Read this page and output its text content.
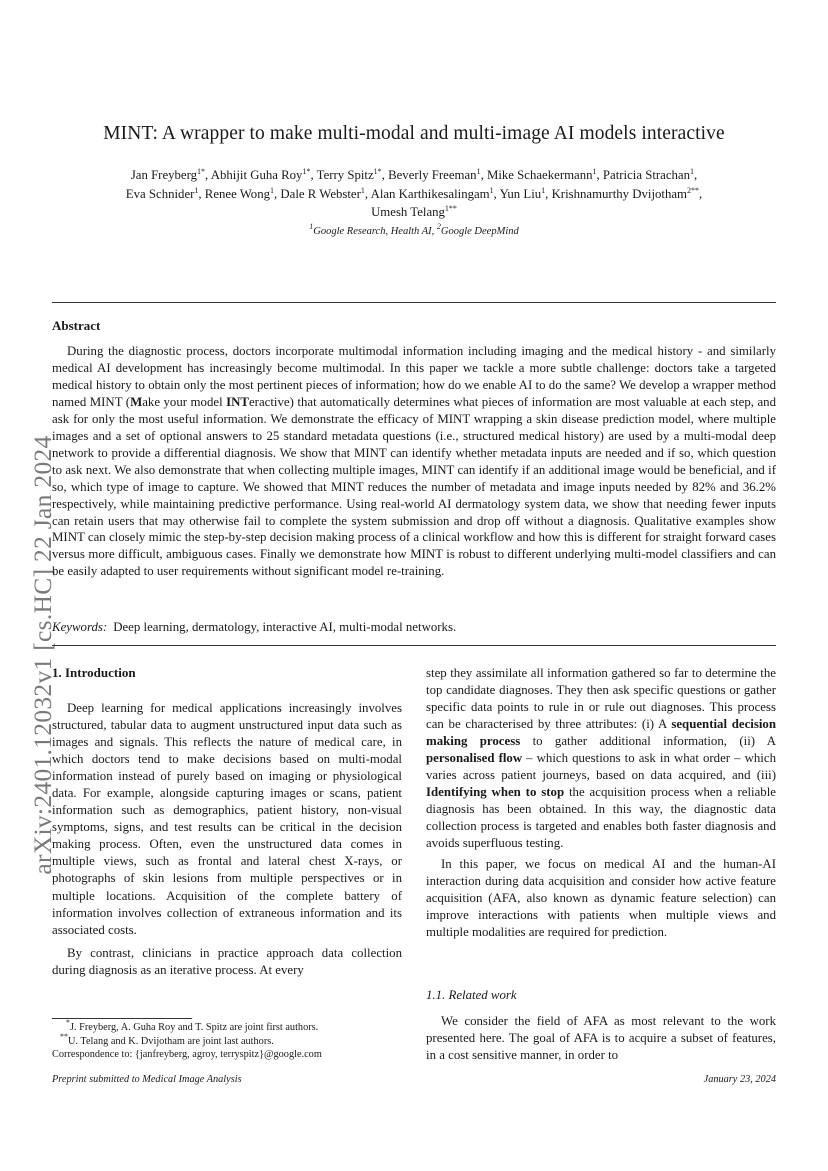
arXiv:2401.12032v1 [cs.HC] 22 Jan 2024
MINT: A wrapper to make multi-modal and multi-image AI models interactive
Jan Freyberg$^{1*}$, Abhijit Guha Roy$^{1*}$, Terry Spitz$^{1*}$, Beverly Freeman$^1$, Mike Schaekermann$^1$, Patricia Strachan$^1$,
Eva Schnider$^1$, Renee Wong$^1$, Dale R Webster$^1$, Alan Karthikesalingam$^1$, Yun Liu$^1$, Krishnamurthy Dvijotham$^{2**}$,
Umesh Telang$^{1**}$
$^1$Google Research, Health AI, $^2$Google DeepMind
Abstract

During the diagnostic process, doctors incorporate multimodal information including imaging and the medical history - and similarly medical AI development has increasingly become multimodal. In this paper we tackle a more subtle challenge: doctors take a targeted medical history to obtain only the most pertinent pieces of information; how do we enable AI to do the same? We develop a wrapper method named MINT (Make your model INTeractive) that automatically determines what pieces of information are most valuable at each step, and ask for only the most useful information. We demonstrate the efficacy of MINT wrapping a skin disease prediction model, where multiple images and a set of optional answers to 25 standard metadata questions (i.e., structured medical history) are used by a multi-modal deep network to provide a differential diagnosis. We show that MINT can identify whether metadata inputs are needed and if so, which question to ask next. We also demonstrate that when collecting multiple images, MINT can identify if an additional image would be beneficial, and if so, which type of image to capture. We showed that MINT reduces the number of metadata and image inputs needed by 82% and 36.2% respectively, while maintaining predictive performance. Using real-world AI dermatology system data, we show that needing fewer inputs can retain users that may otherwise fail to complete the system submission and drop off without a diagnosis. Qualitative examples show MINT can closely mimic the step-by-step decision making process of a clinical workflow and how this is different for straight forward cases versus more difficult, ambiguous cases. Finally we demonstrate how MINT is robust to different underlying multi-model classifiers and can be easily adapted to user requirements without significant model re-training.

Keywords: Deep learning, dermatology, interactive AI, multi-modal networks.
1. Introduction

Deep learning for medical applications increasingly involves structured, tabular data to augment unstructured input data such as images and signals. This reflects the nature of medical care, in which doctors tend to make decisions based on multi-modal information instead of purely based on imaging or physiological data. For example, alongside capturing images or scans, patient information such as demographics, patient history, non-visual symptoms, signs, and test results can be critical in the decision making process. Often, even the unstructured data comes in multiple views, such as frontal and lateral chest X-rays, or photographs of skin lesions from multiple perspectives or in multiple locations. Acquisition of the complete battery of information involves collection of extraneous information and its associated costs.

By contrast, clinicians in practice approach data collection during diagnosis as an iterative process. At every

step they assimilate all information gathered so far to determine the top candidate diagnoses. They then ask specific questions or gather specific data points to rule in or rule out diagnoses. This process can be characterised by three attributes: (i) A sequential decision making process to gather additional information, (ii) A personalised flow – which questions to ask in what order – which varies across patient journeys, based on data acquired, and (iii) Identifying when to stop the acquisition process when a reliable diagnosis has been obtained. In this way, the diagnostic data collection process is targeted and enables both faster diagnosis and avoids superfluous testing.

In this paper, we focus on medical AI and the human-AI interaction during data acquisition and consider how active feature acquisition (AFA, also known as dynamic feature selection) can improve interactions with patients when multiple views and multiple modalities are required for prediction.

1.1. Related work

We consider the field of AFA as most relevant to the work presented here. The goal of AFA is to acquire a subset of features, in a cost sensitive manner, in order to

*J. Freyberg, A. Guha Roy and T. Spitz are joint first authors.
**U. Telang and K. Dvijotham are joint last authors.
Correspondence to: {janfreyberg, agroy, terryspitz}@google.com
Preprint submitted to Medical Image Analysis	January 23, 2024
